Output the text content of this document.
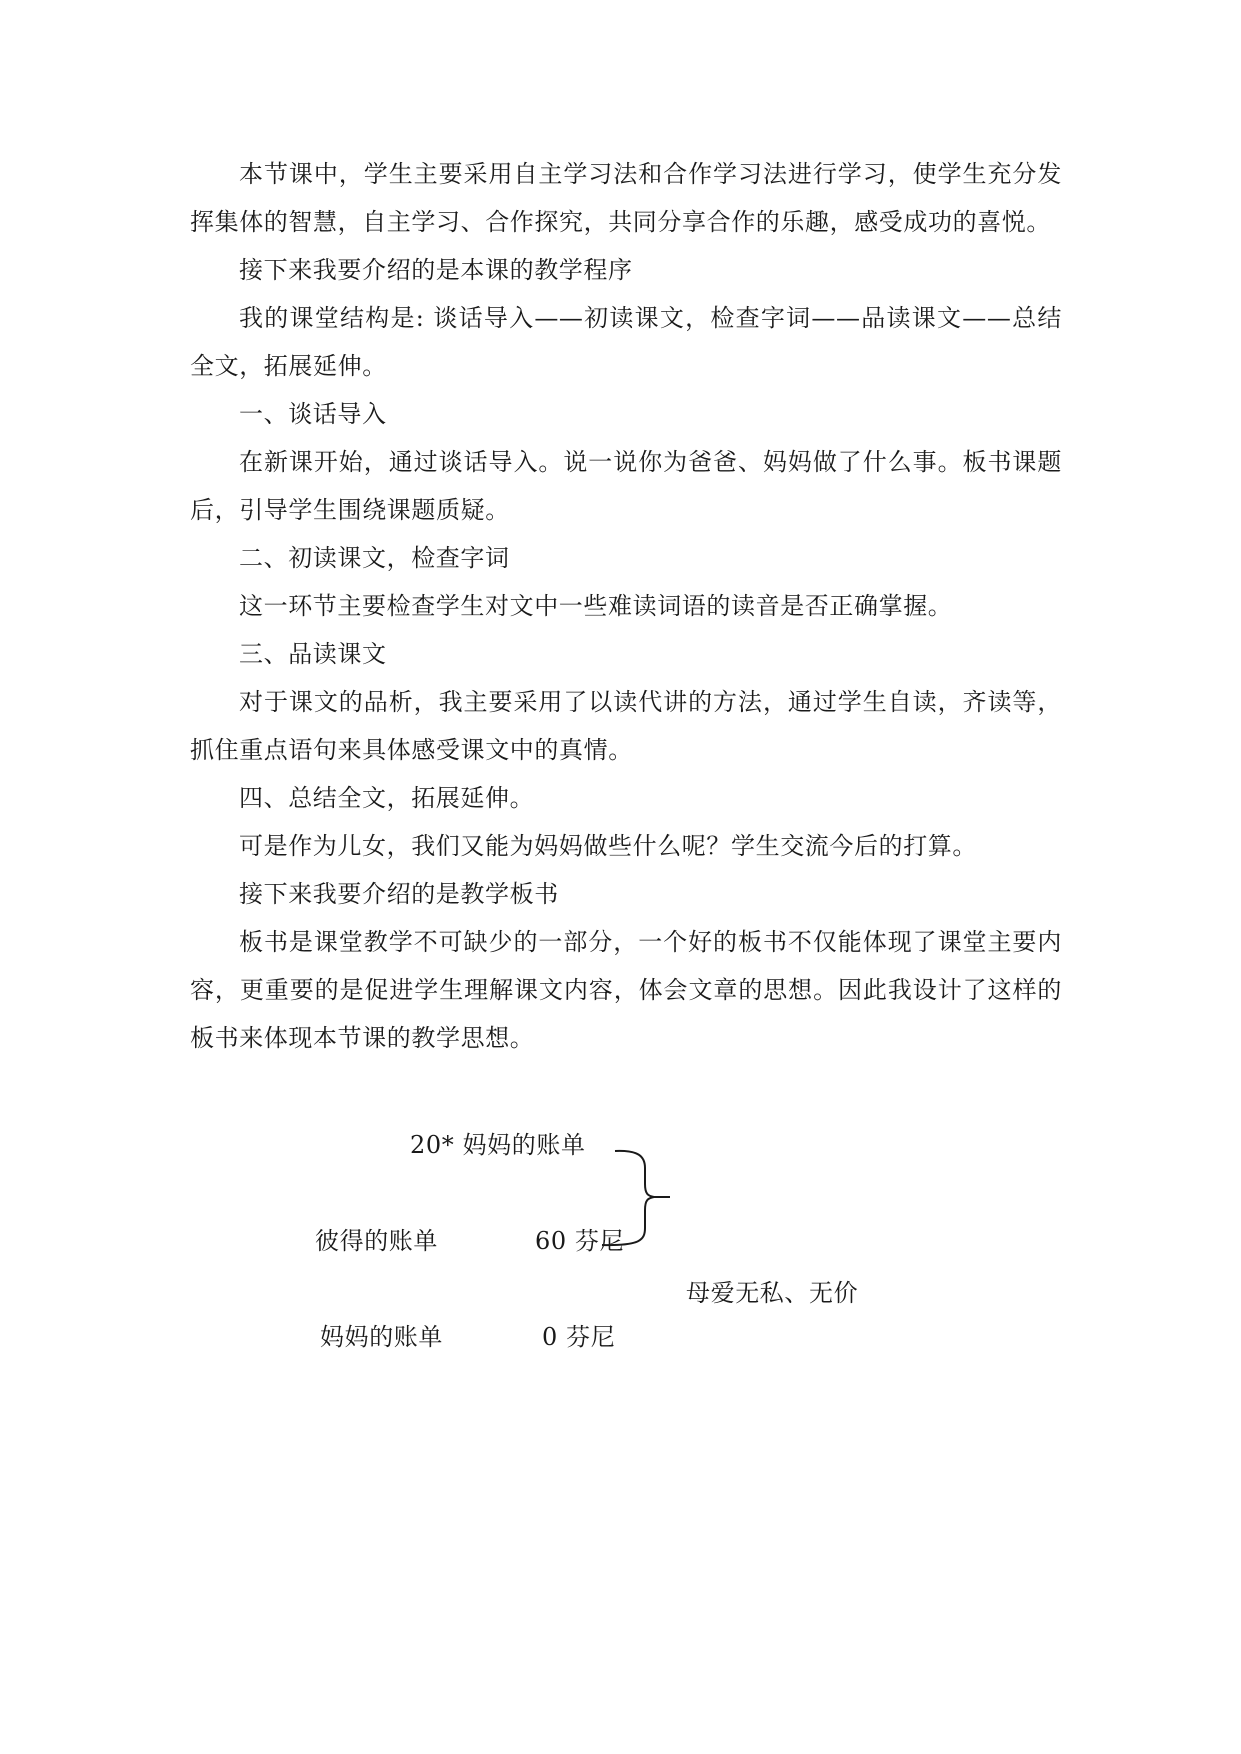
本节课中，学生主要采用自主学习法和合作学习法进行学习，使学生充分发挥集体的智慧，自主学习、合作探究，共同分享合作的乐趣，感受成功的喜悦。

接下来我要介绍的是本课的教学程序

我的课堂结构是: 谈话导入——初读课文，检查字词——品读课文——总结全文，拓展延伸。

一、谈话导入

在新课开始，通过谈话导入。说一说你为爸爸、妈妈做了什么事。板书课题后，引导学生围绕课题质疑。

二、初读课文，检查字词

这一环节主要检查学生对文中一些难读词语的读音是否正确掌握。

三、品读课文

对于课文的品析，我主要采用了以读代讲的方法，通过学生自读，齐读等，抓住重点语句来具体感受课文中的真情。

四、总结全文，拓展延伸。

可是作为儿女，我们又能为妈妈做些什么呢？学生交流今后的打算。

接下来我要介绍的是教学板书

板书是课堂教学不可缺少的一部分，一个好的板书不仅能体现了课堂主要内容，更重要的是促进学生理解课文内容，体会文章的思想。因此我设计了这样的板书来体现本节课的教学思想。

20* 妈妈的账单
彼得的账单	60 芬尼
母爱无私、无价
妈妈的账单	0 芬尼
